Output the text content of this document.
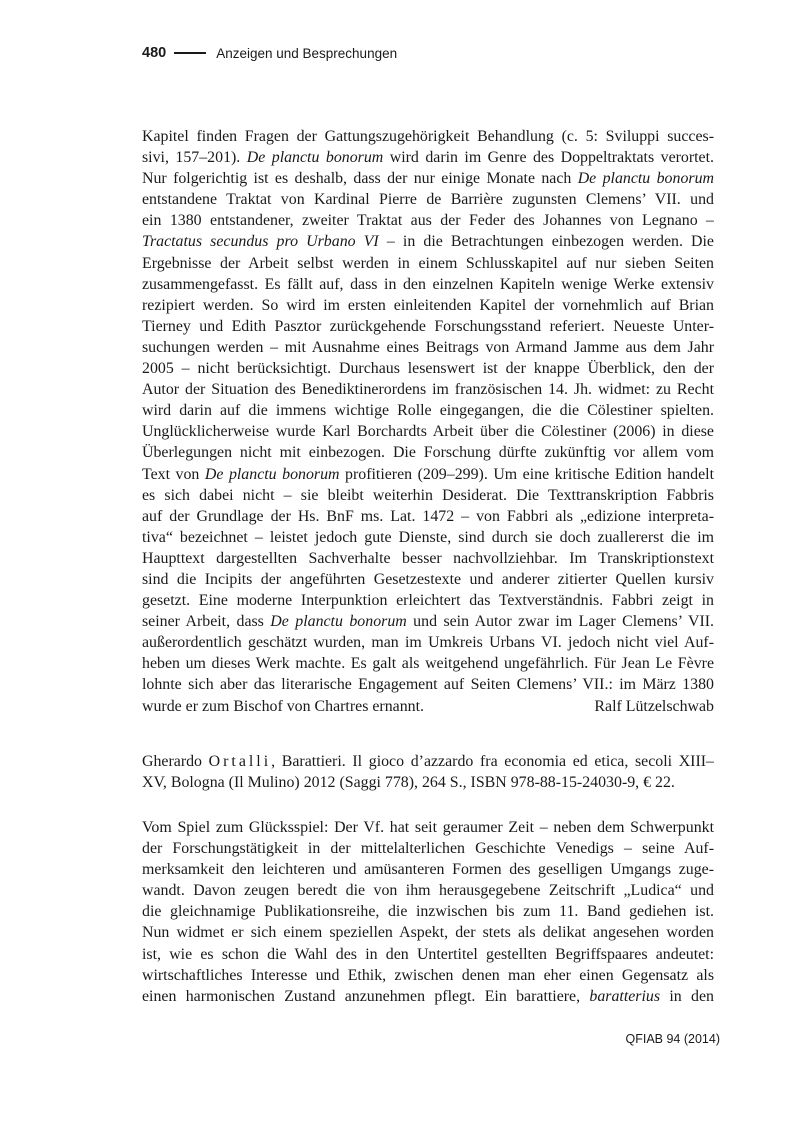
480	Anzeigen und Besprechungen
Kapitel finden Fragen der Gattungszugehörigkeit Behandlung (c. 5: Sviluppi succes-
sivi, 157–201). De planctu bonorum wird darin im Genre des Doppeltraktats verortet.
Nur folgerichtig ist es deshalb, dass der nur einige Monate nach De planctu bonorum
entstandene Traktat von Kardinal Pierre de Barrière zugunsten Clemens’ VII. und
ein 1380 entstandener, zweiter Traktat aus der Feder des Johannes von Legnano –
Tractatus secundus pro Urbano VI – in die Betrachtungen einbezogen werden. Die
Ergebnisse der Arbeit selbst werden in einem Schlusskapitel auf nur sieben Seiten
zusammengefasst. Es fällt auf, dass in den einzelnen Kapiteln wenige Werke extensiv
rezipiert werden. So wird im ersten einleitenden Kapitel der vornehmlich auf Brian
Tierney und Edith Pasztor zurückgehende Forschungsstand referiert. Neueste Unter-
suchungen werden – mit Ausnahme eines Beitrags von Armand Jamme aus dem Jahr
2005 – nicht berücksichtigt. Durchaus lesenswert ist der knappe Überblick, den der
Autor der Situation des Benediktinerordens im französischen 14. Jh. widmet: zu Recht
wird darin auf die immens wichtige Rolle eingegangen, die die Cölestiner spielten.
Unglücklicherweise wurde Karl Borchardts Arbeit über die Cölestiner (2006) in diese
Überlegungen nicht mit einbezogen. Die Forschung dürfte zukünftig vor allem vom
Text von De planctu bonorum profitieren (209–299). Um eine kritische Edition handelt
es sich dabei nicht – sie bleibt weiterhin Desiderat. Die Texttranskription Fabbris
auf der Grundlage der Hs. BnF ms. Lat. 1472 – von Fabbri als „edizione interpreta-
tiva“ bezeichnet – leistet jedoch gute Dienste, sind durch sie doch zuallererst die im
Haupttext dargestellten Sachverhalte besser nachvollziehbar. Im Transkriptionstext
sind die Incipits der angeführten Gesetzestexte und anderer zitierter Quellen kursiv
gesetzt. Eine moderne Interpunktion erleichtert das Textverständnis. Fabbri zeigt in
seiner Arbeit, dass De planctu bonorum und sein Autor zwar im Lager Clemens’ VII.
außerordentlich geschätzt wurden, man im Umkreis Urbans VI. jedoch nicht viel Auf-
heben um dieses Werk machte. Es galt als weitgehend ungefährlich. Für Jean Le Fèvre
lohnte sich aber das literarische Engagement auf Seiten Clemens’ VII.: im März 1380
wurde er zum Bischof von Chartres ernannt.	Ralf Lützelschwab
Gherardo Ortalli, Barattieri. Il gioco d’azzardo fra economia ed etica, secoli XIII–
XV, Bologna (Il Mulino) 2012 (Saggi 778), 264 S., ISBN 978-88-15-24030-9, € 22.
Vom Spiel zum Glücksspiel: Der Vf. hat seit geraumer Zeit – neben dem Schwerpunkt
der Forschungstätigkeit in der mittelalterlichen Geschichte Venedigs – seine Auf-
merksamkeit den leichteren und amüsanteren Formen des geselligen Umgangs zuge-
wandt. Davon zeugen beredt die von ihm herausgegebene Zeitschrift „Ludica“ und
die gleichnamige Publikationsreihe, die inzwischen bis zum 11. Band gediehen ist.
Nun widmet er sich einem speziellen Aspekt, der stets als delikat angesehen worden
ist, wie es schon die Wahl des in den Untertitel gestellten Begriffspaares andeutet:
wirtschaftliches Interesse und Ethik, zwischen denen man eher einen Gegensatz als
einen harmonischen Zustand anzunehmen pflegt. Ein barattiere, baratterius in den
QFIAB 94 (2014)
